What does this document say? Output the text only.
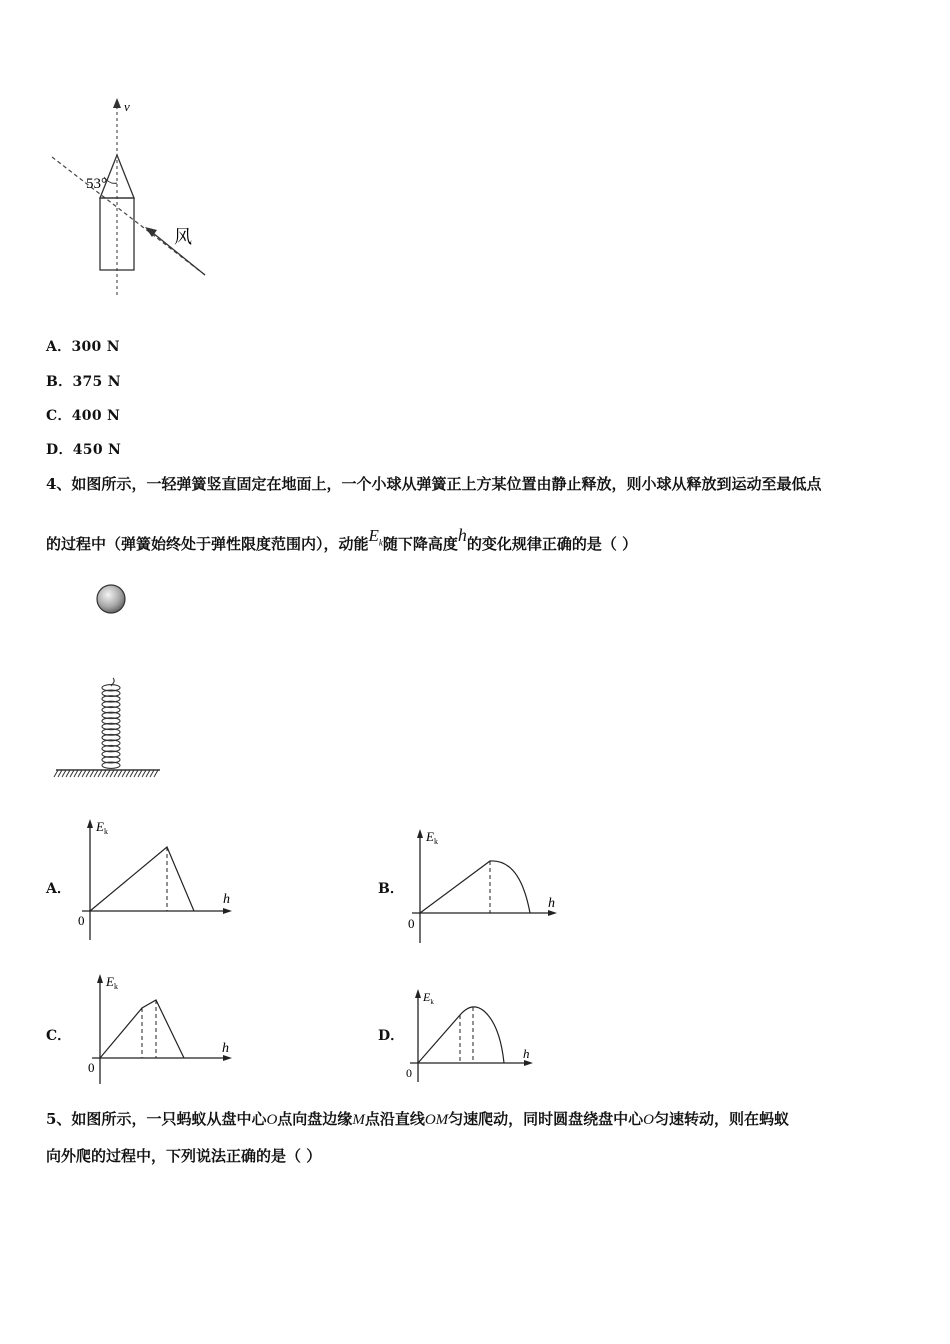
v
53°
风
A．300 N
B．375 N
C．400 N
D．450 N
4、如图所示，一轻弹簧竖直固定在地面上，一个小球从弹簧正上方某位置由静止释放，则小球从释放到运动至最低点
的过程中（弹簧始终处于弹性限度范围内），动能$E_k$随下降高度h的变化规律正确的是（ ）
A．
$E_k$
h
0
B．
$E_k$
h
0
C．
$E_k$
h
0
D．
$E_k$
h
0
5、如图所示，一只蚂蚁从盘中心O点向盘边缘M点沿直线OM匀速爬动，同时圆盘绕盘中心O匀速转动，则在蚂蚁
向外爬的过程中，下列说法正确的是（ ）
